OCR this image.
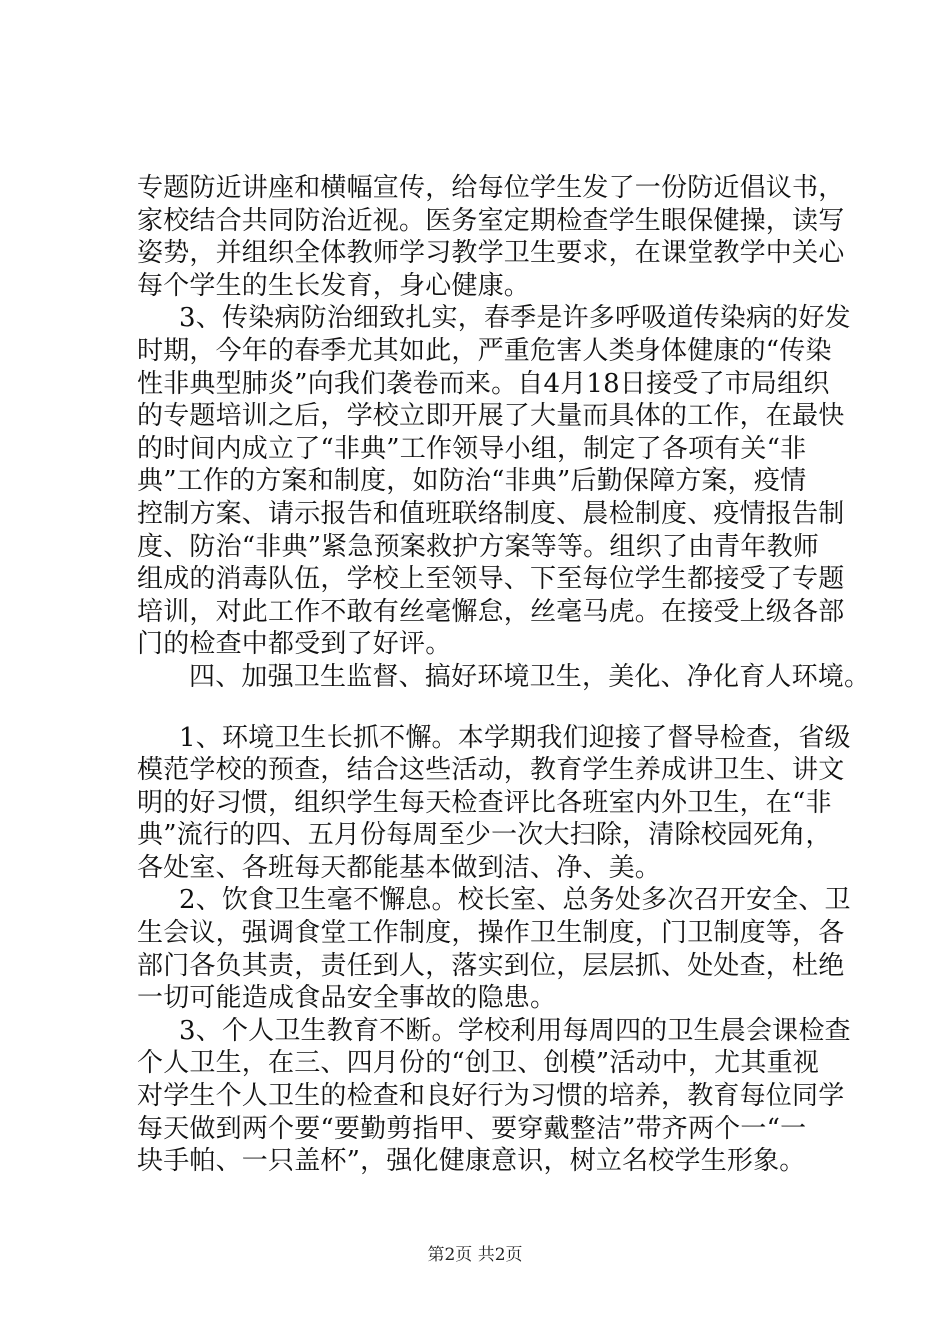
专题防近讲座和横幅宣传，给每位学生发了一份防近倡议书，
家校结合共同防治近视。医务室定期检查学生眼保健操，读写
姿势，并组织全体教师学习教学卫生要求，在课堂教学中关心
每个学生的生长发育，身心健康。
3、传染病防治细致扎实，春季是许多呼吸道传染病的好发
时期，今年的春季尤其如此，严重危害人类身体健康的“传染
性非典型肺炎”向我们袭卷而来。自4月18日接受了市局组织
的专题培训之后，学校立即开展了大量而具体的工作，在最快
的时间内成立了“非典”工作领导小组，制定了各项有关“非
典”工作的方案和制度，如防治“非典”后勤保障方案，疫情
控制方案、请示报告和值班联络制度、晨检制度、疫情报告制
度、防治“非典”紧急预案救护方案等等。组织了由青年教师
组成的消毒队伍，学校上至领导、下至每位学生都接受了专题
培训，对此工作不敢有丝毫懈怠，丝毫马虎。在接受上级各部
门的检查中都受到了好评。
四、加强卫生监督、搞好环境卫生，美化、净化育人环境。
1、环境卫生长抓不懈。本学期我们迎接了督导检查，省级
模范学校的预查，结合这些活动，教育学生养成讲卫生、讲文
明的好习惯，组织学生每天检查评比各班室内外卫生，在“非
典”流行的四、五月份每周至少一次大扫除，清除校园死角，
各处室、各班每天都能基本做到洁、净、美。
2、饮食卫生毫不懈息。校长室、总务处多次召开安全、卫
生会议，强调食堂工作制度，操作卫生制度，门卫制度等，各
部门各负其责，责任到人，落实到位，层层抓、处处查，杜绝
一切可能造成食品安全事故的隐患。
3、个人卫生教育不断。学校利用每周四的卫生晨会课检查
个人卫生，在三、四月份的“创卫、创模”活动中，尤其重视
对学生个人卫生的检查和良好行为习惯的培养，教育每位同学
每天做到两个要“要勤剪指甲、要穿戴整洁”带齐两个一“一
块手帕、一只盖杯”，强化健康意识，树立名校学生形象。
第2页 共2页
